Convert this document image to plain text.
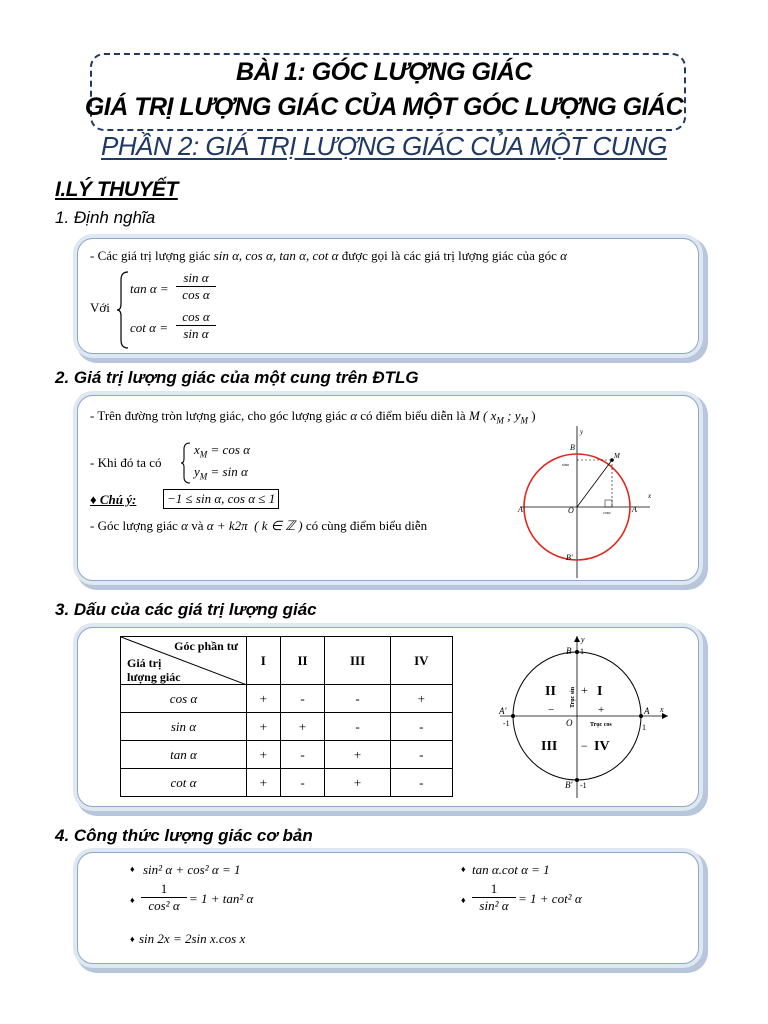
BÀI 1: GÓC LƯỢNG GIÁC
GIÁ TRỊ LƯỢNG GIÁC CỦA MỘT GÓC LƯỢNG GIÁC
PHẦN 2: GIÁ TRỊ LƯỢNG GIÁC CỦA MỘT CUNG
I.LÝ THUYẾT
1. Định nghĩa
- Các giá trị lượng giác sin α, cos α, tan α, cot α được gọi là các giá trị lượng giác của góc α
Với
$\tan \alpha = \frac{\text{sin α}}{\text{cos α}}$
$\cot \alpha = \frac{\text{cos α}}{\text{sin α}}$
2. Giá trị lượng giác của một cung trên ĐTLG
- Trên đường tròn lượng giác, cho góc lượng giác α có điểm biểu diễn là M ( $x_M$ ; $y_M$ )
- Khi đó ta có
$x_M = \cos \alpha$
$y_M = \sin \alpha$
♦ Chú ý:	−1 ≤ sin α, cos α ≤ 1
- Góc lượng giác α và α + k2π ( k ∈ ℤ ) có cùng điểm biểu diễn
B
y
x
A
A'	O
B'
M
sinα
cosα
3. Dấu của các giá trị lượng giác
Góc phần tư
Giá trị
lượng giác	I	II	III	IV
cos α	+	-	-	+
sin α	+	+	-	-
tan α	+	-	+	-
cot α	+	-	+	-
B 1
y
x
A
A'
-1	O	1
B' -1
Trục sin
Trục cos
II + I
−	+
III − IV
4. Công thức lượng giác cơ bản
♦ sin² α + cos² α = 1	♦ tan α.cot α = 1
♦ $\frac{1}{\text{cos² α}} = 1 + \tan^2$ α	♦ $\frac{1}{\text{sin² α}} = 1 + \cot^2$ α
♦ sin 2x = 2sin x.cos x
